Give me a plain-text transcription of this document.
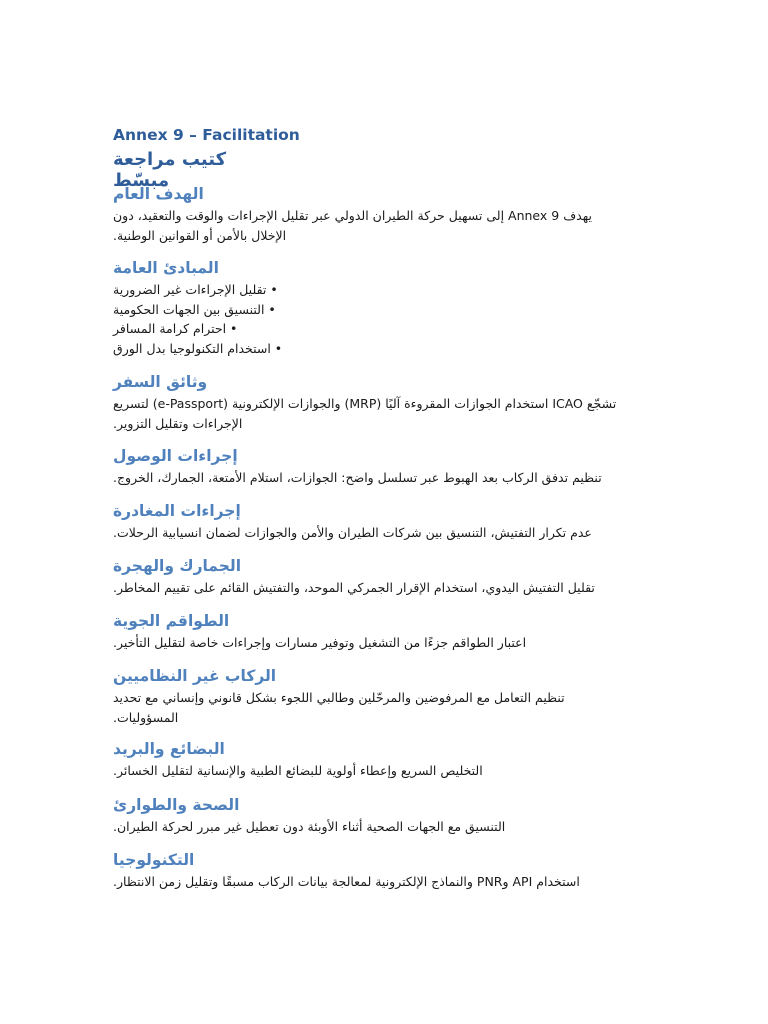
Annex 9 – Facilitation
كتيب مراجعة مبسّط
الهدف العام
يهدف Annex 9 إلى تسهيل حركة الطيران الدولي عبر تقليل الإجراءات والوقت والتعقيد، دون
الإخلال بالأمن أو القوانين الوطنية.
المبادئ العامة
• تقليل الإجراءات غير الضرورية
• التنسيق بين الجهات الحكومية
• احترام كرامة المسافر
• استخدام التكنولوجيا بدل الورق
وثائق السفر
تشجّع ICAO استخدام الجوازات المقروءة آليًا (MRP) والجوازات الإلكترونية (e-Passport) لتسريع
الإجراءات وتقليل التزوير.
إجراءات الوصول
تنظيم تدفق الركاب بعد الهبوط عبر تسلسل واضح: الجوازات، استلام الأمتعة، الجمارك، الخروج.
إجراءات المغادرة
عدم تكرار التفتيش، التنسيق بين شركات الطيران والأمن والجوازات لضمان انسيابية الرحلات.
الجمارك والهجرة
تقليل التفتيش اليدوي، استخدام الإقرار الجمركي الموحد، والتفتيش القائم على تقييم المخاطر.
الطواقم الجوية
اعتبار الطواقم جزءًا من التشغيل وتوفير مسارات وإجراءات خاصة لتقليل التأخير.
الركاب غير النظاميين
تنظيم التعامل مع المرفوضين والمرحّلين وطالبي اللجوء بشكل قانوني وإنساني مع تحديد
المسؤوليات.
البضائع والبريد
التخليص السريع وإعطاء أولوية للبضائع الطبية والإنسانية لتقليل الخسائر.
الصحة والطوارئ
التنسيق مع الجهات الصحية أثناء الأوبئة دون تعطيل غير مبرر لحركة الطيران.
التكنولوجيا
استخدام API وPNR والنماذج الإلكترونية لمعالجة بيانات الركاب مسبقًا وتقليل زمن الانتظار.
